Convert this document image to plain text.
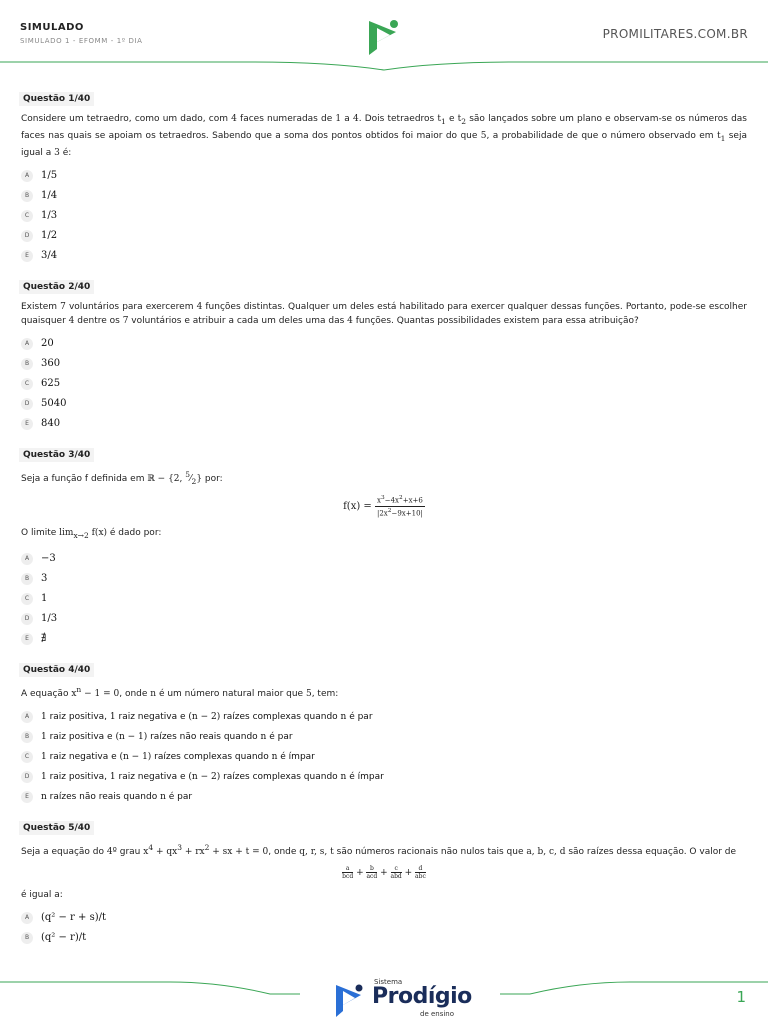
SIMULADO
SIMULADO 1 - EFOMM - 1º DIA	PROMILITARES.COM.BR
Questão 1/40
Considere um tetraedro, como um dado, com 4 faces numeradas de 1 a 4. Dois tetraedros $t_1$ e $t_2$ são lançados sobre um plano e observam-se os números das faces nas quais se apoiam os tetraedros. Sabendo que a soma dos pontos obtidos foi maior do que 5, a probabilidade de que o número observado em $t_1$ seja igual a 3 é:
A	1/5
B	1/4
C	1/3
D	1/2
E	3/4
Questão 2/40
Existem 7 voluntários para exercerem 4 funções distintas. Qualquer um deles está habilitado para exercer qualquer dessas funções. Portanto, pode-se escolher quaisquer 4 dentre os 7 voluntários e atribuir a cada um deles uma das 4 funções. Quantas possibilidades existem para essa atribuição?
A	20
B	360
C	625
D	5040
E	840
Questão 3/40
Seja a função f definida em ℝ − {2, $^5⁄_2$} por:
$f(x) = \frac{x^3-4x^2+x+6}{|2x^2-9x+10|}$
O limite $\lim_{x\to 2} f(x)$ é dado por:
A	−3
B	3
C	1
D	1/3
E	∄
Questão 4/40
A equação $x^n - 1 = 0$, onde n é um número natural maior que 5, tem:
A	1 raiz positiva, 1 raiz negativa e (n − 2) raízes complexas quando n é par
B	1 raiz positiva e (n − 1) raízes não reais quando n é par
C	1 raiz negativa e (n − 1) raízes complexas quando n é ímpar
D	1 raiz positiva, 1 raiz negativa e (n − 2) raízes complexas quando n é ímpar
E	n raízes não reais quando n é par
Questão 5/40
Seja a equação do 4º grau $x^4 + qx^3 + rx^2$ + sx + t = 0, onde q, r, s, t são números racionais não nulos tais que a, b, c, d são raízes dessa equação. O valor de
a
bcd + b
acd + c
abd + d
abc
é igual a:
A	(q² − r + s)/t
B	(q² − r)/t
Sistema
Prodígio
de ensino
1
